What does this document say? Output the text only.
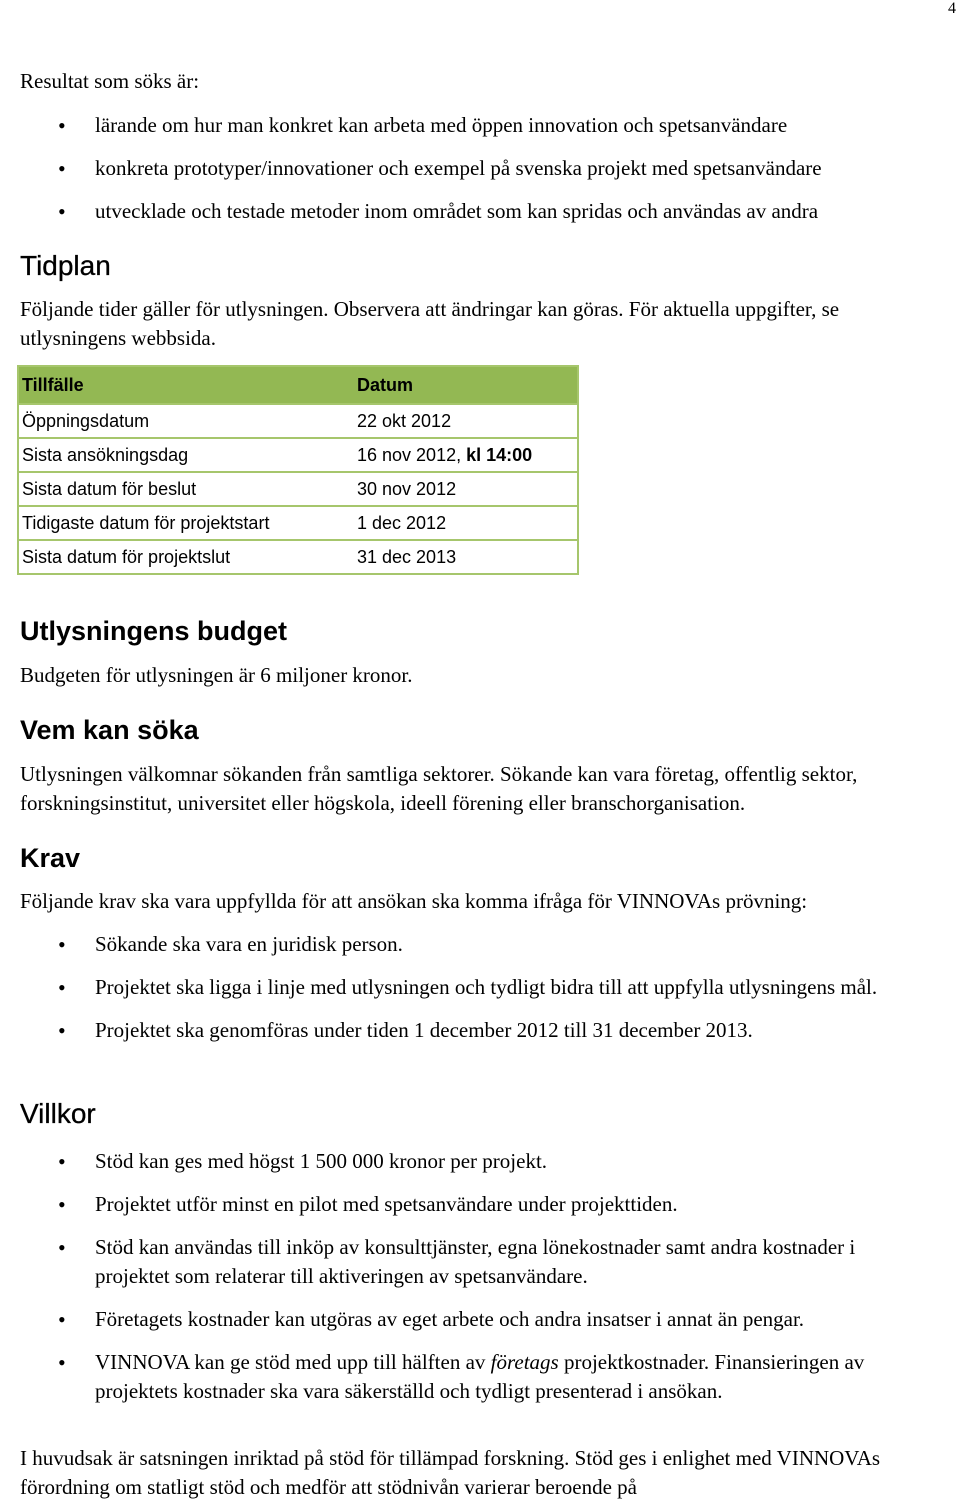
4

Resultat som söks är:

• lärande om hur man konkret kan arbeta med öppen innovation och spetsanvändare
• konkreta prototyper/innovationer och exempel på svenska projekt med spetsanvändare
• utvecklade och testade metoder inom området som kan spridas och användas av andra
Tidplan

Följande tider gäller för utlysningen. Observera att ändringar kan göras. För aktuella uppgifter, se utlysningens webbsida.

Tillfälle	Datum
Öppningsdatum	22 okt 2012
Sista ansökningsdag	16 nov 2012, kl 14:00
Sista datum för beslut	30 nov 2012
Tidigaste datum för projektstart	1 dec 2012
Sista datum för projektslut	31 dec 2013
Utlysningens budget

Budgeten för utlysningen är 6 miljoner kronor.

Vem kan söka

Utlysningen välkomnar sökanden från samtliga sektorer. Sökande kan vara företag, offentlig sektor, forskningsinstitut, universitet eller högskola, ideell förening eller branschorganisation.

Krav

Följande krav ska vara uppfyllda för att ansökan ska komma ifråga för VINNOVAs prövning:

• Sökande ska vara en juridisk person.
• Projektet ska ligga i linje med utlysningen och tydligt bidra till att uppfylla utlysningens mål.
• Projektet ska genomföras under tiden 1 december 2012 till 31 december 2013.
Villkor
• Stöd kan ges med högst 1 500 000 kronor per projekt.
• Projektet utför minst en pilot med spetsanvändare under projekttiden.
• Stöd kan användas till inköp av konsulttjänster, egna lönekostnader samt andra kostnader i projektet som relaterar till aktiveringen av spetsanvändare.
• Företagets kostnader kan utgöras av eget arbete och andra insatser i annat än pengar.
• VINNOVA kan ge stöd med upp till hälften av företags projektkostnader. Finansieringen av projektets kostnader ska vara säkerställd och tydligt presenterad i ansökan.

I huvudsak är satsningen inriktad på stöd för tillämpad forskning. Stöd ges i enlighet med VINNOVAs förordning om statligt stöd och medför att stödnivån varierar beroende på
